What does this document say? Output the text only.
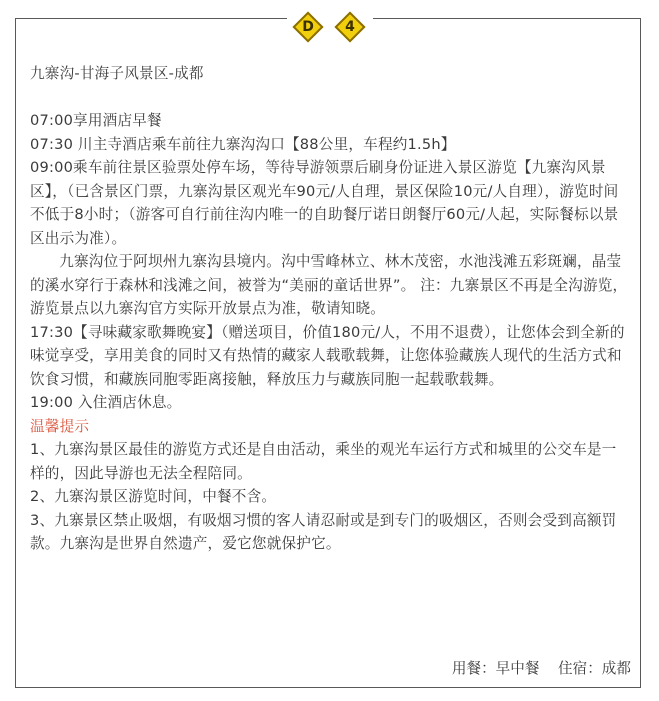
D	4

九寨沟-甘海子风景区-成都

07:00享用酒店早餐

07:30 川主寺酒店乘车前往九寨沟沟口【88公里，车程约1.5h】

09:00乘车前往景区验票处停车场，等待导游领票后刷身份证进入景区游览【九寨沟风景区】，（已含景区门票，九寨沟景区观光车90元/人自理，景区保险10元/人自理），游览时间不低于8小时；（游客可自行前往沟内唯一的自助餐厅诺日朗餐厅60元/人起，实际餐标以景区出示为准）。

九寨沟位于阿坝州九寨沟县境内。沟中雪峰林立、林木茂密，水池浅滩五彩斑斓，晶莹的溪水穿行于森林和浅滩之间，被誉为“美丽的童话世界”。 注：九寨景区不再是全沟游览，游览景点以九寨沟官方实际开放景点为准，敬请知晓。

17:30【寻味藏家歌舞晚宴】（赠送项目，价值180元/人，不用不退费），让您体会到全新的味觉享受，享用美食的同时又有热情的藏家人载歌载舞，让您体验藏族人现代的生活方式和饮食习惯，和藏族同胞零距离接触，释放压力与藏族同胞一起载歌载舞。

19:00 入住酒店休息。

温馨提示

1、九寨沟景区最佳的游览方式还是自由活动，乘坐的观光车运行方式和城里的公交车是一样的，因此导游也无法全程陪同。

2、九寨沟景区游览时间，中餐不含。

3、九寨景区禁止吸烟，有吸烟习惯的客人请忍耐或是到专门的吸烟区，否则会受到高额罚款。九寨沟是世界自然遗产，爱它您就保护它。

用餐：早中餐 住宿：成都
